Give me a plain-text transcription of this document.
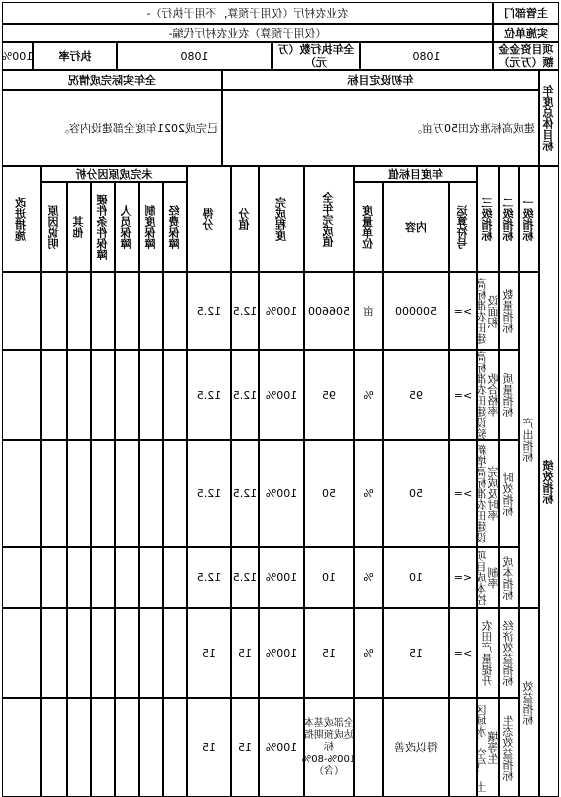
主管部门
农业农村厅（仅用于预算，不用于执行）-
实施单位
（仅用于预算）农业农村厅代编-
项目资金金额（万元）
1080
全年执行数（万元）
1080
执行率
100%
年度总体目标
年初设定目标
全年实际完成情况
建成高标准农田50万亩。
已完成2021年度全部建设内容。
绩效指标
一级指标
二级指标
三级指标
年度目标值
运算符号
内容
度量单位
全年完成值
完成程度
分值
得分
未完成原因分析
经费保障
制度保障
人员保障
硬件条件保障
其他
原因说明
改进措施
产出指标
效益指标
数量指标
质量指标
时效指标
成本指标
经济效益指标
生态效益指标
高标准农田建设面积
>=
500000
亩
506600
100%
12.5
12.5
高标准农田建设验收合格率
>=
95
%
95
100%
12.5
12.5
新增高标准农田建设完成及时率
>=
50
%
50
100%
12.5
12.5
项目成本控制率
<=
10
%
10
100%
12.5
12.5
农田产量提升
>=
15
%
15
100%
15
15
区域水、空气、土壤等生
得以改善
全部或基本达成预期指标100%-80%（含）
100%
15
15
